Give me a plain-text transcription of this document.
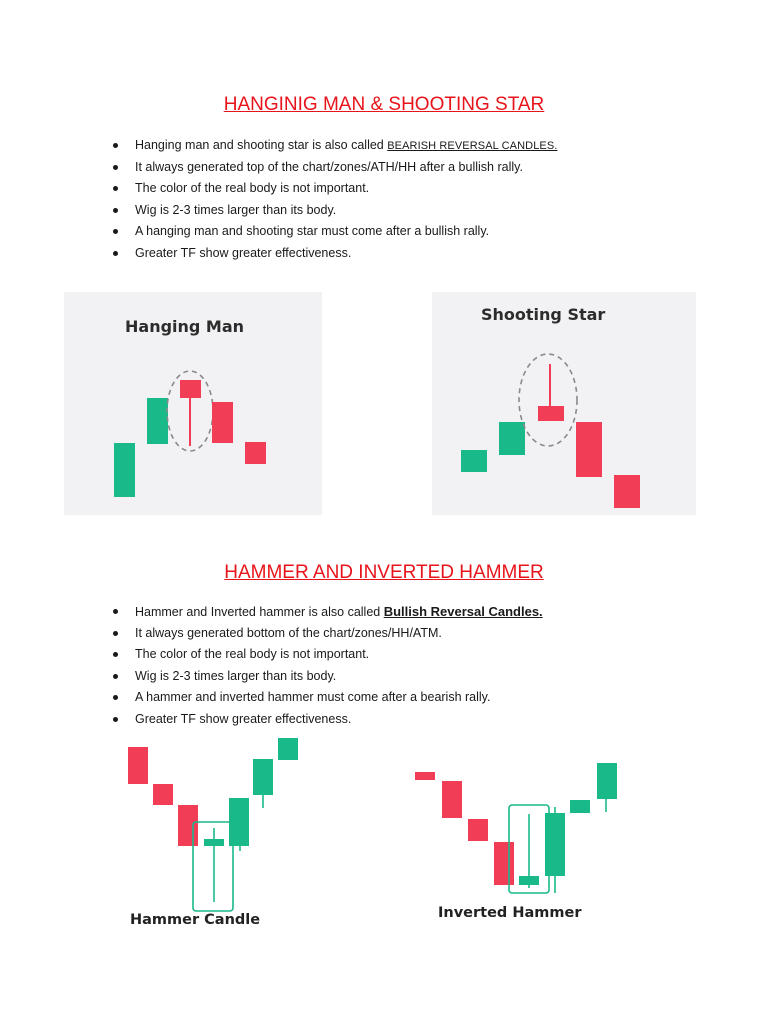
HANGINIG MAN & SHOOTING STAR
Hanging man and shooting star is also called BEARISH REVERSAL CANDLES.
It always generated top of the chart/zones/ATH/HH after a bullish rally.
The color of the real body is not important.
Wig is 2-3 times larger than its body.
A hanging man and shooting star must come after a bullish rally.
Greater TF show greater effectiveness.
Hanging Man
Shooting Star
HAMMER AND INVERTED HAMMER
Hammer and Inverted hammer is also called Bullish Reversal Candles.
It always generated bottom of the chart/zones/HH/ATM.
The color of the real body is not important.
Wig is 2-3 times larger than its body.
A hammer and inverted hammer must come after a bearish rally.
Greater TF show greater effectiveness.
Hammer Candle	Inverted Hammer
